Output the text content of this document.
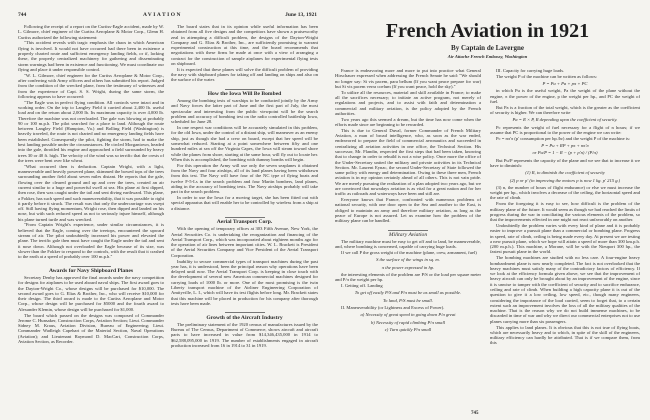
744	AVIATION	June 13, 1921

Following the receipt of a report on the Curtiss-Eagle accident, made by W. L. Gilmore, chief engineer of the Curtiss Aeroplane & Motor Corp., Glenn H. Curtiss authorized the following statement:

"This accident reveals with tragic emphasis the chaos in which American flying is involved. It would not have occurred had there been in existence a properly charted route and sufficient emergency landing fields, or if, lacking these, the properly centralized machinery for gathering and disseminating storm warnings had been in existence and functioning. We must coordinate our flying and place it under responsible control.

"W. L. Gilmore, chief engineer for the Curtiss Aeroplane & Motor Corp., after conferring with Army officers and others has submitted his report. Judged from the condition of the wrecked plane, from the testimony of witnesses and from the experience of Capt. S. S. Wright, during the same storm, the following appears to have occurred:

"The Eagle was in perfect flying condition. All controls were intact and in working order. On the trip to Langley Field it carried about 2,400 lb. useful load and on the return about 2,000 lb. Its maximum capacity is over 4,000 lb. Therefore the machine was not overloaded. The gale was blowing at probably 90 or 100 m.p.h. The pilot searched for a place to land. Although the route between Langley Field (Hampton, Va.) and Bolling Field (Washington) is heavily traveled, the route is not charted and no emergency landing fields have been established. Consequently the pilot, fighting the storm, had to make the best landing possible under the circumstances. He circled Morgantown, headed into the gale, throttled his engine and approached a field surrounded by heavy trees 30 or 40 ft. high. The velocity of the wind was so terrific that the crests of the trees were bent over like wheat.

"What occurred then is deduction. Captain Wright, with a light, maneuverable and heavily powered plane, skimmed the bowed tops of the trees surrounding another field about seven miles distant. He reports that the gale, flowing over the cleared ground and up and over the trees, created an air current similar to a huge and powerful swell at sea. His plane at first dipped, then rose, then was caught under the tail and sent diving earthward. This plane, a Fokker, has such speed and such maneuverability, that it was possible to right it partly before it struck. The result was that only the undercarriage was swept off. Still having flying momentum, Wright rose, then dipped and landed on his nose, but with such reduced speed as not to seriously injure himself, although his plane turned turtle and was wrecked.

"From Captain Wright's experience, under similar circumstances, it is believed that the Eagle, coming over the treetops, encountered the upward stream of air. The pilot undoubtedly increased his power and elevated the plane. The terrific gale then must have caught the Eagle under the tail and sent it nose down. Although not overloaded the Eagle because of its size, was slower than the Fokker to respond to the controls, with the result that it crashed to the earth at a speed of probably over 100 m.p.h."

Awards for Navy Shipboard Planes

Secretary Denby has approved the final awards under the navy competition for designs for airplanes to be used aboard naval ships. The first award goes to the Dayton-Wright Co., whose designs will be purchased for $10,000. The second award goes to G. Elias & Brother, Inc., who will receive $10,000 for their design. The third award is made to the Curtiss Aeroplane and Motor Corp., whose design will be purchased for $5000 and the fourth award to Alexander Klemin, whose design will be purchased for $1,000.

The board which passed on the designs was composed of Commander Jerome C. Hunsaker, Construction Corps, Aviation Section; Lieut. Commander Sidney M. Kraus, Aviation Division, Bureau of Engineering; Lieut. Commander Wadleigh Capehart of the Material Section, Naval Operations (Aviation); and Lieutenant Raymond D. MacCart, Construction Corps, Aviation Section, as Recorder.

The board states that in its opinion while useful information has been obtained from all five designs and the competitors have shown a praiseworthy zeal in attempting a difficult problem, the designs of the Dayton-Wright Company and G. Elias & Brother, Inc., are sufficiently promising to warrant experimental construction at this time, and the board recommends that negotiations with these firms be made at once with a view of arranging a contract for the construction of sample airplanes for experimental flying tests on shipboard.

It is expected that these planes will solve the difficult problem of providing the navy with shipboard planes for taking off and landing on ships and also on the surface of the water.

How the Iowa Will Be Bombed

Among the bombing tests of warships to be conducted jointly by the Army and Navy forces the latter part of June and the first part of July, the most spectacular and interesting from the public viewpoint will be the search problem and accuracy of bombing test on the radio controlled battleship Iowa, scheduled for June 28.

In one respect war conditions will be accurately simulated in this problem, for the old Iowa, under the control of a distant ship, will maneuver as an enemy ship, just as though she had a crew on board, except that her speed will be somewhat reduced. Starting at a point somewhere between fifty and one hundred miles at sea off the Virginia Capes, the Iowa will steam toward shore while the planes from shore, starting at the same hour, will fly out to locate her. When this is accomplished, the bombing with dummy bombs will begin.

For this operation the Army will use only the seven seaplanes it obtained from the Navy and four airships, all of its land planes having been withdrawn from this test. The Navy will have four of the NC type of flying boats and twelve F-5-Ls in the search problem and four Martin bombers, land planes, aiding in the accuracy of bombing tests. The Navy airships probably will take part in the search problem.

In order to use the Iowa for a moving target, she has been fitted out with special apparatus that will enable her to be controlled by wireless from a ship at a distance.

Aerial Transport Corp.

With the opening of temporary offices at 303 Fifth Avenue, New York, the Aerial Securities Co. is undertaking the reorganization and financing of the Aerial Transport Corp., which was incorporated about eighteen months ago for the operation of air lines between important cities. W. L. Brackett is President of the Aerial Securities Company and Vice President of the Aerial Transport Corporation.

Inability to secure commercial types of transport machines during the past year has, it is understood, been the principal reason why operations have been delayed until now. The Aerial Transport Corp. is keeping in close touch with the development of several new American commercial machines designed for carrying loads of 1000 lb. or more. One of the most promising is the twin Liberty transport machine of the Airliner Engineering Corporation of Amityville, L. I., which will have its test flights before long. Mr. Brackett states that this machine will be placed in production for his company after thorough tests have been made.

Growth of the Aircraft Industry

The preliminary statement of the 1920 census of manufactures issued by the Bureau of The Census, Department of Commerce, shows aircraft and aircraft parts to have increased in value from $14,346,435,000 in 1914 to $62,588,095,000 in 1919. The number of establishments engaged in aircraft production increased from 16 in 1914 to 31 in 1919.

French Aviation in 1921
By Captain de Lavergne
Air Attache French Embassy, Washington

France is endeavoring more and more to put into practice what General Hirschauer expressed when addressing the French Senate he said: "We should no longer say: Si vis pacem, para bellum (If you want peace prepare for war) but Si vis pacem verra coelum (If you want peace, hold the sky)."

To utilize all the resources, material and skill available in France; to make all the sacrifices necessary; to initiate an active program, not merely of regulations and projects, and to assist with faith and determination a commercial and military aviation, is the policy adopted by the French authorities.

Two years ago this seemed a dream, but the time has now come when the efforts made since are beginning to be rewarded.

This is due to General Duval, former Commander of French Military Aviation, a man of broad intelligence, who, as soon as the war ended, endeavored to prepare the field of commercial aeronautics and succeeded in centralizing all aviation activities in one office, the Technical Section. His successor, Mr. Flandin, respected the first steps that had been taken, knowing that to change in order to rebuild is not a wise policy. Once more the office of the Under-Secretary united the military and private activities in its Technical Section. Mr. Laurent Eynac, the second Under-Secretary of State followed the same policy with energy and determination. Owing to these three men, French aviation is in my opinion certainly ahead of all others. This is not vain pride. We are merely pursuing the realization of a plan adopted two years ago, but we are convinced that nowadays aviation is as vital for a great nation and for her traffic as railroads and waterways have been and still are.

Everyone knows that France, confronted with numerous problems of national security, with one door open to the Sea and another to the East, is obliged to maintain an army and therefore military aviation, as long as the peace of Europe is not assured. Let us examine how the problem of the military plane can be handled.

Military Aviation

The military machine must be easy to get off and to land, be maneuverable, and, where bombing is concerned, capable of carrying huge loads.

If we call P the gross weight of the machine (plane, crew, armament, fuel)

S the surface of the wings in sq. m.

π the power expressed in hp.

the interesting elements of the problem are P/S or the load per square meter and P/π the weight per hp.

I. Getting off. Landing

To get off easily P/S and P/π must be as small as possible.

To land, P/S must be small.

II. Maneuverability (or Lightness and Excess of Power).

a) Necessity of great speed in going down P/π great

b) Necessity of rapid climbing P/π small

c) Turn quickly P/π small

III. Capacity for carrying huge loads.

The weight P of the machine can be written as follows:

P = Pu + Pa + pπ + PC

in which Pu is the useful weight, Pa the weight of the plane without the engine, π the power of the engine, p the weight per hp., and PC the weight of fuel.

But Pa is a fraction of the total weight, which is the greater as the coefficient of security is higher. We can therefore write

Pa = R × P, R depending upon the coefficient of security.

Pc represents the weight of fuel necessary for a flight of n hours; if we assume that PC is proportional to the power of the engine we can write:

Pc = nπ'π (p' consumption per hp./hr) and the weight P of the machine is:

P = Pu + RP + pπ + nπ'π

or Pu/P = 1 − R − (p + p'n) / (P/π)

But Pu/P represents the capacity of the plane and we see that to increase it we have to diminish:

(1) R, to diminish the coefficient of security

(2) p or p' (in improving the motors p is now 1 kg. p' 215 g.)

(3) n, the number of hours of flight endurance) or else we must increase the weight per hp., which involves a decrease of the ceiling, the horizontal speed and the rate of climb.

From the foregoing it is easy to see, how difficult is the problem of the military plane of the future. It would seem as though we had reached the limits of progress during the war in conciliating the various elements of the problem, so that the improvements effected in one might not react unfavorably on another.

Undoubtedly the problem varies with every kind of plane and it is probably easier to improve a pursuit plane than a commercial or bombing plane. Progress in speed, rate of climb, ceiling is being made every day. At present we are testing a new pursuit plane, which we hope will attain a speed of more than 300 km.p.h. (200 m.p.h.). This machine, a Morane, will be with the Nieuport 300 hp., the fastest pursuit plane in the world.

The bombing machines are studied with no less care. A four-engine heavy bombardment plane is now nearly completed. The fact is not overlooked that the heavy machines must satisfy many of the contradictory factors of efficiency. If we look at the efficiency formula given above, we see that the improvement of heavy aircraft can only be brought about by an improvement of the engine, since it is unwise to tamper with the coefficient of security and to sacrifice endurance, ceiling and rate of climb. When building a high capacity plane it is out of the question to give it a low ceiling, low speed, etc., though many engineers, considering the importance of the load carried, seem to forget that, to a certain extent such an improvement involves the loss of all the military qualities of the machine. That is the reason why we do not build immense machines, to be discarded in time of war and why we direct our commercial enterprises not to use planes carrying more than six passengers.

This applies to land planes. It is obvious that this is not true of flying boats, which are necessarily heavy and to which, in spite of the skill of the engineers, military efficiency can hardly be attributed. That is if we compare them, from this

745
